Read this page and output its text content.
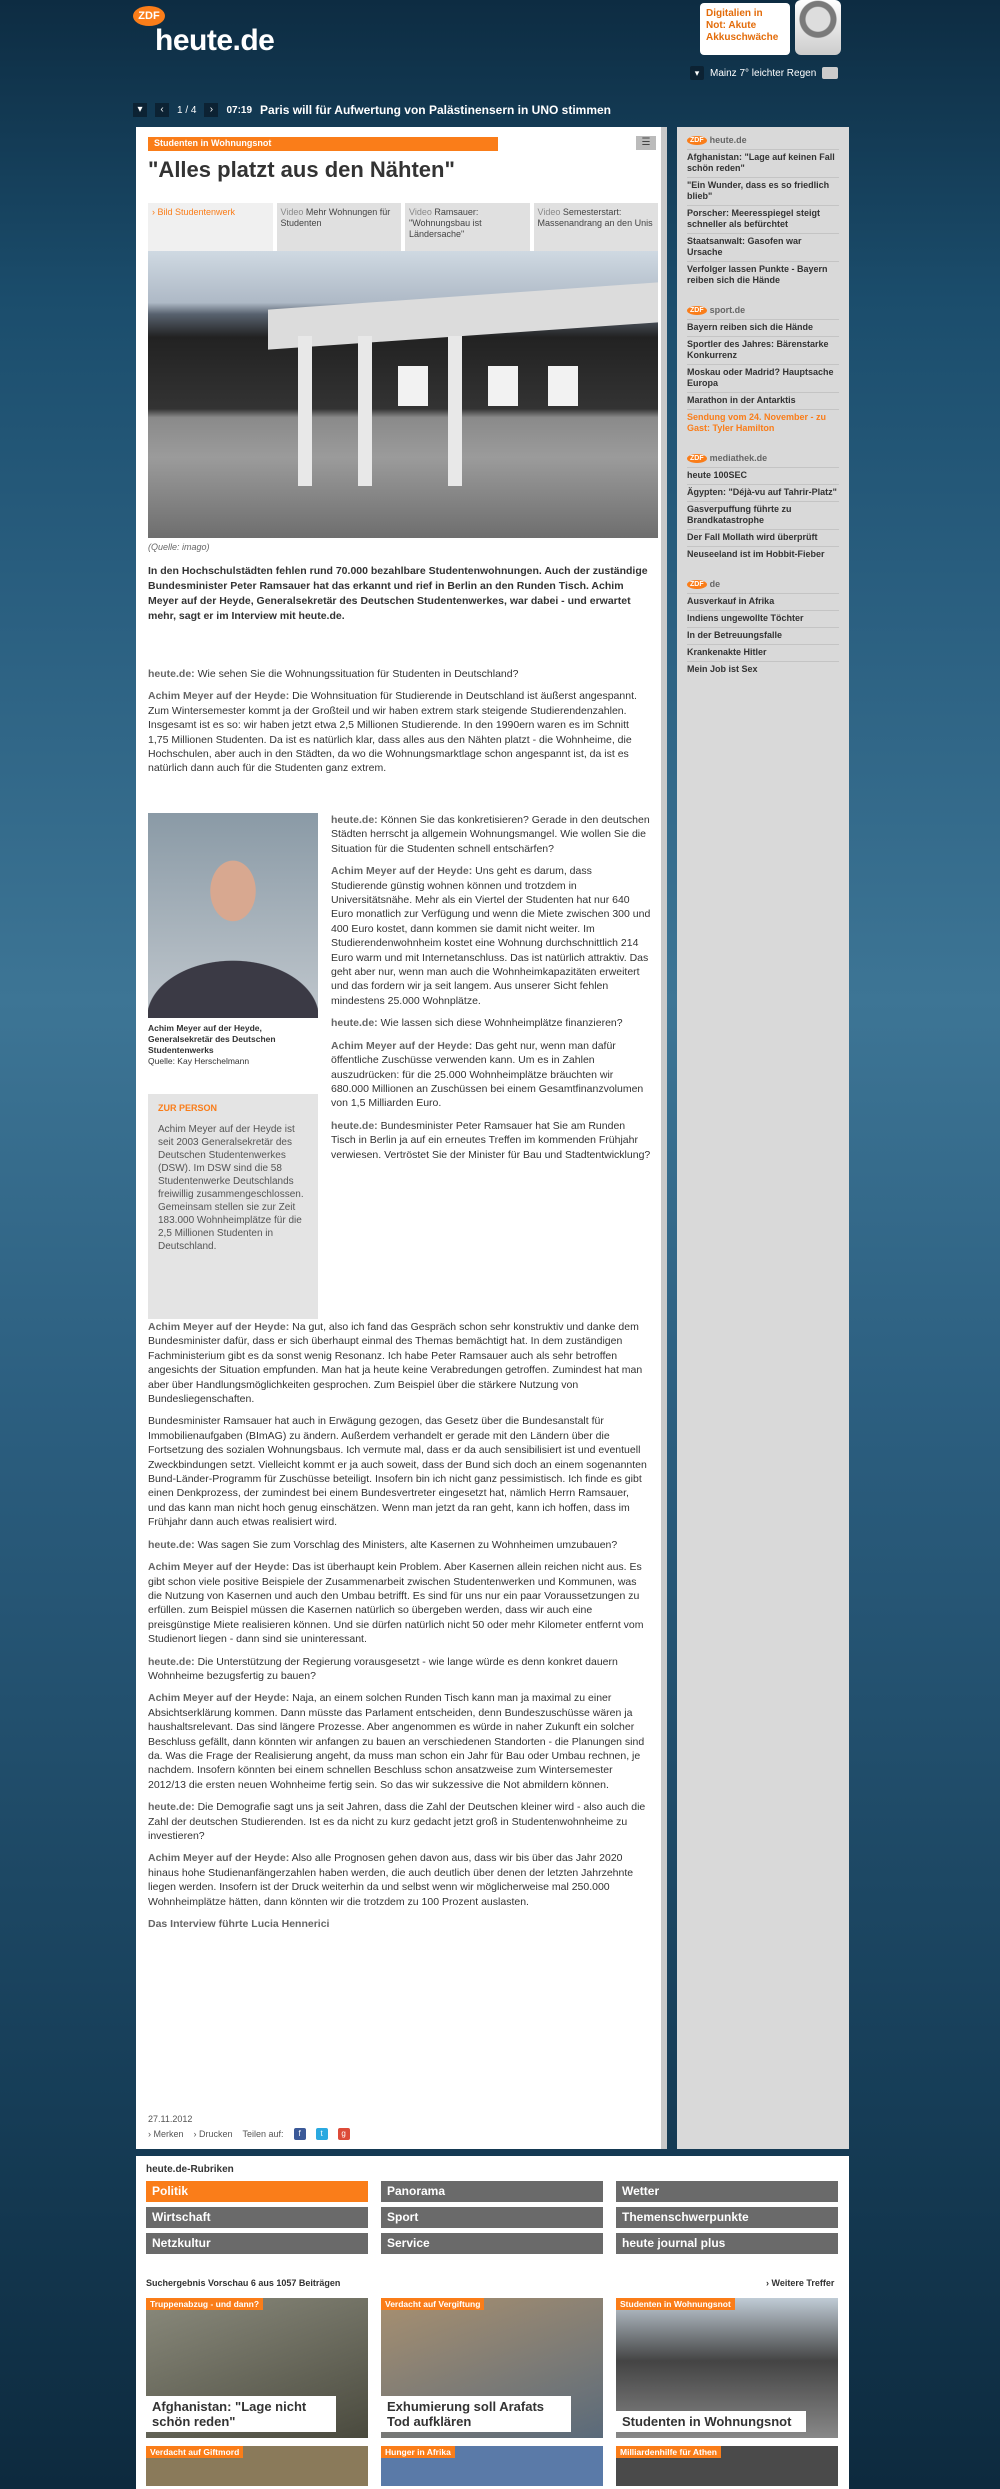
ZDF
heute.de
Digitalien in Not: Akute Akkuschwäche
▾	Mainz 7° leichter Regen
▾	‹	1 / 4	›	07:19 Paris will für Aufwertung von Palästinensern in UNO stimmen
Studenten in Wohnungsnot	☰
"Alles platzt aus den Nähten"
› Bild Studentenwerk	Video Mehr Wohnungen für Studenten
Video Ramsauer: "Wohnungsbau ist Ländersache"
Video Semesterstart: Massenandrang an den Unis
(Quelle: imago)
In den Hochschulstädten fehlen rund 70.000 bezahlbare Studentenwohnungen. Auch der zuständige Bundesminister Peter Ramsauer hat das erkannt und rief in Berlin an den Runden Tisch. Achim Meyer auf der Heyde, Generalsekretär des Deutschen Studentenwerkes, war dabei - und erwartet mehr, sagt er im Interview mit heute.de.

heute.de: Wie sehen Sie die Wohnungssituation für Studenten in Deutschland?

Achim Meyer auf der Heyde: Die Wohnsituation für Studierende in Deutschland ist äußerst angespannt. Zum Wintersemester kommt ja der Großteil und wir haben extrem stark steigende Studierendenzahlen. Insgesamt ist es so: wir haben jetzt etwa 2,5 Millionen Studierende. In den 1990ern waren es im Schnitt 1,75 Millionen Studenten. Da ist es natürlich klar, dass alles aus den Nähten platzt - die Wohnheime, die Hochschulen, aber auch in den Städten, da wo die Wohnungsmarktlage schon angespannt ist, da ist es natürlich dann auch für die Studenten ganz extrem.

Achim Meyer auf der Heyde, Generalsekretär des Deutschen Studentenwerks
Quelle: Kay Herschelmann
ZUR PERSON
Achim Meyer auf der Heyde ist seit 2003 Generalsekretär des Deutschen Studentenwerkes (DSW). Im DSW sind die 58 Studentenwerke Deutschlands freiwillig zusammengeschlossen. Gemeinsam stellen sie zur Zeit 183.000 Wohnheimplätze für die 2,5 Millionen Studenten in Deutschland.

heute.de: Können Sie das konkretisieren? Gerade in den deutschen Städten herrscht ja allgemein Wohnungsmangel. Wie wollen Sie die Situation für die Studenten schnell entschärfen?

Achim Meyer auf der Heyde: Uns geht es darum, dass Studierende günstig wohnen können und trotzdem in Universitätsnähe. Mehr als ein Viertel der Studenten hat nur 640 Euro monatlich zur Verfügung und wenn die Miete zwischen 300 und 400 Euro kostet, dann kommen sie damit nicht weiter. Im Studierendenwohnheim kostet eine Wohnung durchschnittlich 214 Euro warm und mit Internetanschluss. Das ist natürlich attraktiv. Das geht aber nur, wenn man auch die Wohnheimkapazitäten erweitert und das fordern wir ja seit langem. Aus unserer Sicht fehlen mindestens 25.000 Wohnplätze.

heute.de: Wie lassen sich diese Wohnheimplätze finanzieren?

Achim Meyer auf der Heyde: Das geht nur, wenn man dafür öffentliche Zuschüsse verwenden kann. Um es in Zahlen auszudrücken: für die 25.000 Wohnheimplätze bräuchten wir 680.000 Millionen an Zuschüssen bei einem Gesamtfinanzvolumen von 1,5 Milliarden Euro.

heute.de: Bundesminister Peter Ramsauer hat Sie am Runden Tisch in Berlin ja auf ein erneutes Treffen im kommenden Frühjahr verwiesen. Vertröstet Sie der Minister für Bau und Stadtentwicklung?

Achim Meyer auf der Heyde: Na gut, also ich fand das Gespräch schon sehr konstruktiv und danke dem Bundesminister dafür, dass er sich überhaupt einmal des Themas bemächtigt hat. In dem zuständigen Fachministerium gibt es da sonst wenig Resonanz. Ich habe Peter Ramsauer auch als sehr betroffen angesichts der Situation empfunden. Man hat ja heute keine Verabredungen getroffen. Zumindest hat man aber über Handlungsmöglichkeiten gesprochen. Zum Beispiel über die stärkere Nutzung von Bundesliegenschaften.

Bundesminister Ramsauer hat auch in Erwägung gezogen, das Gesetz über die Bundesanstalt für Immobilienaufgaben (BImAG) zu ändern. Außerdem verhandelt er gerade mit den Ländern über die Fortsetzung des sozialen Wohnungsbaus. Ich vermute mal, dass er da auch sensibilisiert ist und eventuell Zweckbindungen setzt. Vielleicht kommt er ja auch soweit, dass der Bund sich doch an einem sogenannten Bund-Länder-Programm für Zuschüsse beteiligt. Insofern bin ich nicht ganz pessimistisch. Ich finde es gibt einen Denkprozess, der zumindest bei einem Bundesvertreter eingesetzt hat, nämlich Herrn Ramsauer, und das kann man nicht hoch genug einschätzen. Wenn man jetzt da ran geht, kann ich hoffen, dass im Frühjahr dann auch etwas realisiert wird.

heute.de: Was sagen Sie zum Vorschlag des Ministers, alte Kasernen zu Wohnheimen umzubauen?

Achim Meyer auf der Heyde: Das ist überhaupt kein Problem. Aber Kasernen allein reichen nicht aus. Es gibt schon viele positive Beispiele der Zusammenarbeit zwischen Studentenwerken und Kommunen, was die Nutzung von Kasernen und auch den Umbau betrifft. Es sind für uns nur ein paar Voraussetzungen zu erfüllen. zum Beispiel müssen die Kasernen natürlich so übergeben werden, dass wir auch eine preisgünstige Miete realisieren können. Und sie dürfen natürlich nicht 50 oder mehr Kilometer entfernt vom Studienort liegen - dann sind sie uninteressant.

heute.de: Die Unterstützung der Regierung vorausgesetzt - wie lange würde es denn konkret dauern Wohnheime bezugsfertig zu bauen?

Achim Meyer auf der Heyde: Naja, an einem solchen Runden Tisch kann man ja maximal zu einer Absichtserklärung kommen. Dann müsste das Parlament entscheiden, denn Bundeszuschüsse wären ja haushaltsrelevant. Das sind längere Prozesse. Aber angenommen es würde in naher Zukunft ein solcher Beschluss gefällt, dann könnten wir anfangen zu bauen an verschiedenen Standorten - die Planungen sind da. Was die Frage der Realisierung angeht, da muss man schon ein Jahr für Bau oder Umbau rechnen, je nachdem. Insofern könnten bei einem schnellen Beschluss schon ansatzweise zum Wintersemester 2012/13 die ersten neuen Wohnheime fertig sein. So das wir sukzessive die Not abmildern können.

heute.de: Die Demografie sagt uns ja seit Jahren, dass die Zahl der Deutschen kleiner wird - also auch die Zahl der deutschen Studierenden. Ist es da nicht zu kurz gedacht jetzt groß in Studentenwohnheime zu investieren?

Achim Meyer auf der Heyde: Also alle Prognosen gehen davon aus, dass wir bis über das Jahr 2020 hinaus hohe Studienanfängerzahlen haben werden, die auch deutlich über denen der letzten Jahrzehnte liegen werden. Insofern ist der Druck weiterhin da und selbst wenn wir möglicherweise mal 250.000 Wohnheimplätze hätten, dann könnten wir die trotzdem zu 100 Prozent auslasten.

Das Interview führte Lucia Hennerici

27.11.2012
› Merken › Drucken Teilen auf:	f	t	g
ZDF heute.de
Afghanistan: "Lage auf keinen Fall schön reden"
"Ein Wunder, dass es so friedlich blieb"
Porscher: Meeresspiegel steigt schneller als befürchtet
Staatsanwalt: Gasofen war Ursache
Verfolger lassen Punkte - Bayern reiben sich die Hände
ZDF sport.de
Bayern reiben sich die Hände
Sportler des Jahres: Bärenstarke Konkurrenz
Moskau oder Madrid? Hauptsache Europa
Marathon in der Antarktis
Sendung vom 24. November - zu Gast: Tyler Hamilton
ZDF mediathek.de
heute 100SEC
Ägypten: "Déjà-vu auf Tahrir-Platz"
Gasverpuffung führte zu Brandkatastrophe
Der Fall Mollath wird überprüft
Neuseeland ist im Hobbit-Fieber
ZDF de
Ausverkauf in Afrika
Indiens ungewollte Töchter
In der Betreuungsfalle
Krankenakte Hitler
Mein Job ist Sex
heute.de-Rubriken
Politik	Panorama	Wetter
Wirtschaft	Sport	Themenschwerpunkte
Netzkultur	Service	heute journal plus
Suchergebnis Vorschau 6 aus 1057 Beiträgen	› Weitere Treffer
Truppenabzug - und dann?
Afghanistan: "Lage nicht schön reden"
Verdacht auf Vergiftung
Exhumierung soll Arafats Tod aufklären
Studenten in Wohnungsnot
Studenten in Wohnungsnot
Verdacht auf Giftmord	Hunger in Afrika	Milliardenhilfe für Athen
